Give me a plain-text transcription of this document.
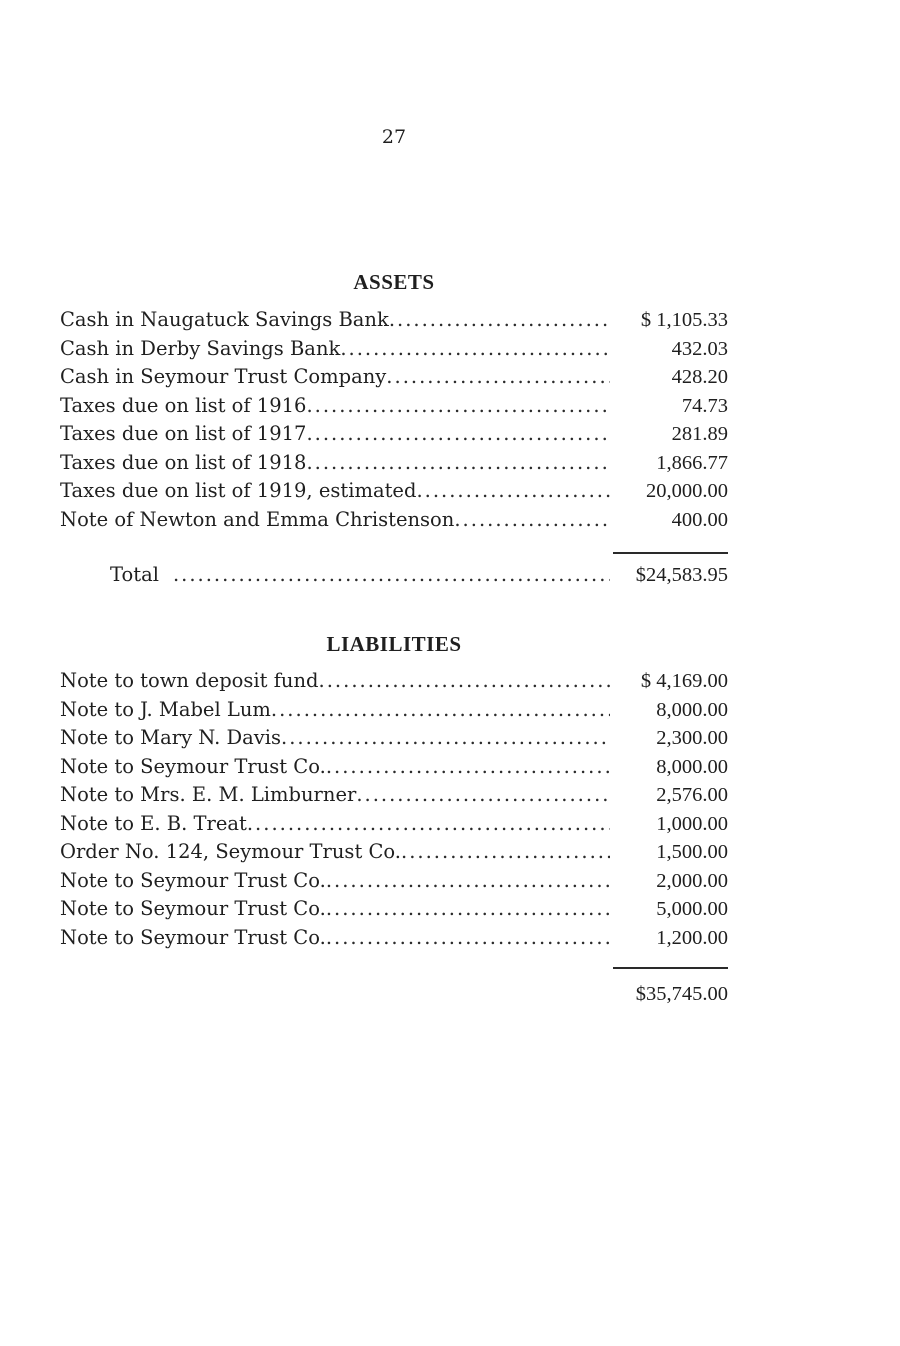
27
ASSETS
Cash in Naugatuck Savings Bank .....	$ 1,105.33
Cash in Derby Savings Bank .....	432.03
Cash in Seymour Trust Company .....	428.20
Taxes due on list of 1916 .....	74.73
Taxes due on list of 1917 .....	281.89
Taxes due on list of 1918 .....	1,866.77
Taxes due on list of 1919, estimated .....	20,000.00
Note of Newton and Emma Christenson .....	400.00
Total .....	$24,583.95
LIABILITIES
Note to town deposit fund .....	$ 4,169.00
Note to J. Mabel Lum .....	8,000.00
Note to Mary N. Davis .....	2,300.00
Note to Seymour Trust Co. .....	8,000.00
Note to Mrs. E. M. Limburner .....	2,576.00
Note to E. B. Treat .....	1,000.00
Order No. 124, Seymour Trust Co. .....	1,500.00
Note to Seymour Trust Co. .....	2,000.00
Note to Seymour Trust Co. .....	5,000.00
Note to Seymour Trust Co. .....	1,200.00
$35,745.00
